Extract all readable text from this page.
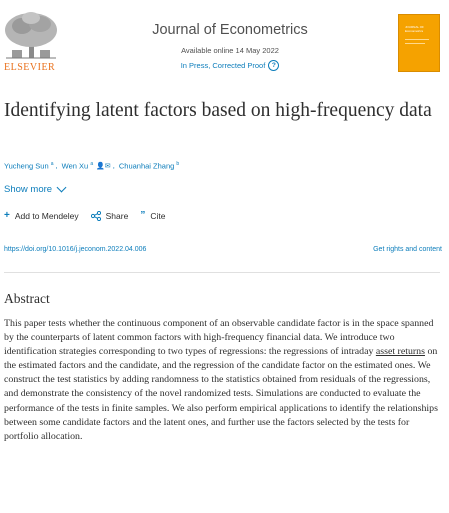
ELSEVIER
Journal of Econometrics
Available online 14 May 2022
In Press, Corrected Proof	?
JOURNAL OF Econometrics
Identifying latent factors based on high-frequency data
Yucheng Sun $^a$ , Wen Xu $^a$ 👤✉ , Chuanhai Zhang $^b$
Show more
+ Add to Mendeley	Share ” Cite
https://doi.org/10.1016/j.jeconom.2022.04.006	Get rights and content
Abstract

This paper tests whether the continuous component of an observable candidate factor is in the space spanned by the counterparts of latent common factors with high-frequency financial data. We introduce two identification strategies corresponding to two types of regressions: the regressions of intraday asset returns on the estimated factors and the candidate, and the regression of the candidate factor on the estimated ones. We construct the test statistics by adding randomness to the statistics obtained from residuals of the regressions, and demonstrate the consistency of the novel randomized tests. Simulations are conducted to evaluate the performance of the tests in finite samples. We also perform empirical applications to identify the relationships between some candidate factors and the latent ones, and further use the factors selected by the tests for portfolio allocation.
